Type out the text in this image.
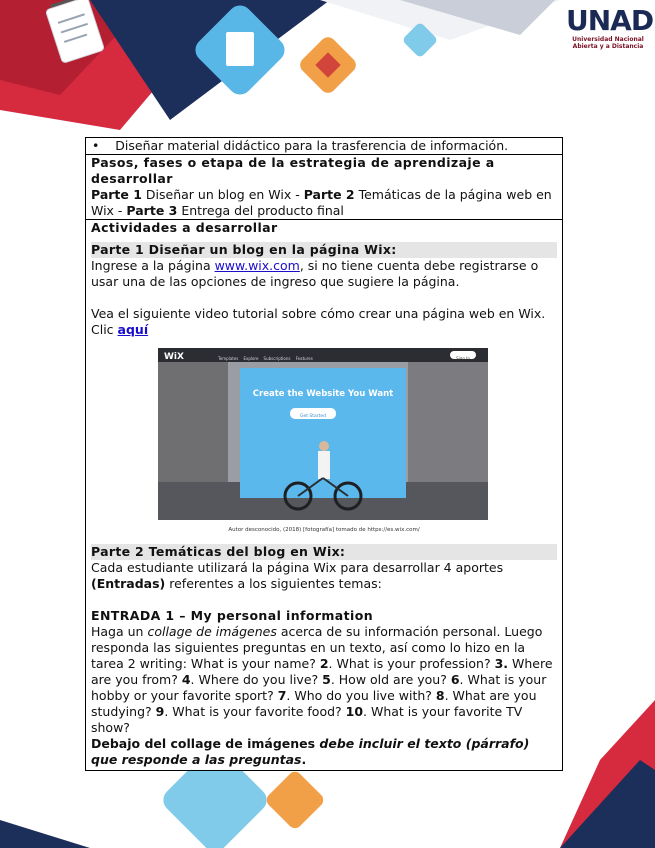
UNAD
Universidad Nacional
Abierta y a Distancia
• Diseñar material didáctico para la trasferencia de información.
Pasos, fases o etapa de la estrategia de aprendizaje a desarrollar
Parte 1 Diseñar un blog en Wix - Parte 2 Temáticas de la página web en Wix - Parte 3 Entrega del producto final
Actividades a desarrollar
Parte 1 Diseñar un blog en la página Wix:
Ingrese a la página www.wix.com, si no tiene cuenta debe registrarse o usar una de las opciones de ingreso que sugiere la página.
Vea el siguiente video tutorial sobre cómo crear una página web en Wix. Clic aquí
WiX	Templates Explore Subscriptions Features	Sign In
Create the Website You Want
Get Started
Autor desconocido, (2018) [fotografía] tomado de https://es.wix.com/
Parte 2 Temáticas del blog en Wix:
Cada estudiante utilizará la página Wix para desarrollar 4 aportes (Entradas) referentes a los siguientes temas:
ENTRADA 1 – My personal information
Haga un collage de imágenes acerca de su información personal. Luego responda las siguientes preguntas en un texto, así como lo hizo en la tarea 2 writing: What is your name? 2. What is your profession? 3. Where are you from? 4. Where do you live? 5. How old are you? 6. What is your hobby or your favorite sport? 7. Who do you live with? 8. What are you studying? 9. What is your favorite food? 10. What is your favorite TV show?
Debajo del collage de imágenes debe incluir el texto (párrafo) que responde a las preguntas.
